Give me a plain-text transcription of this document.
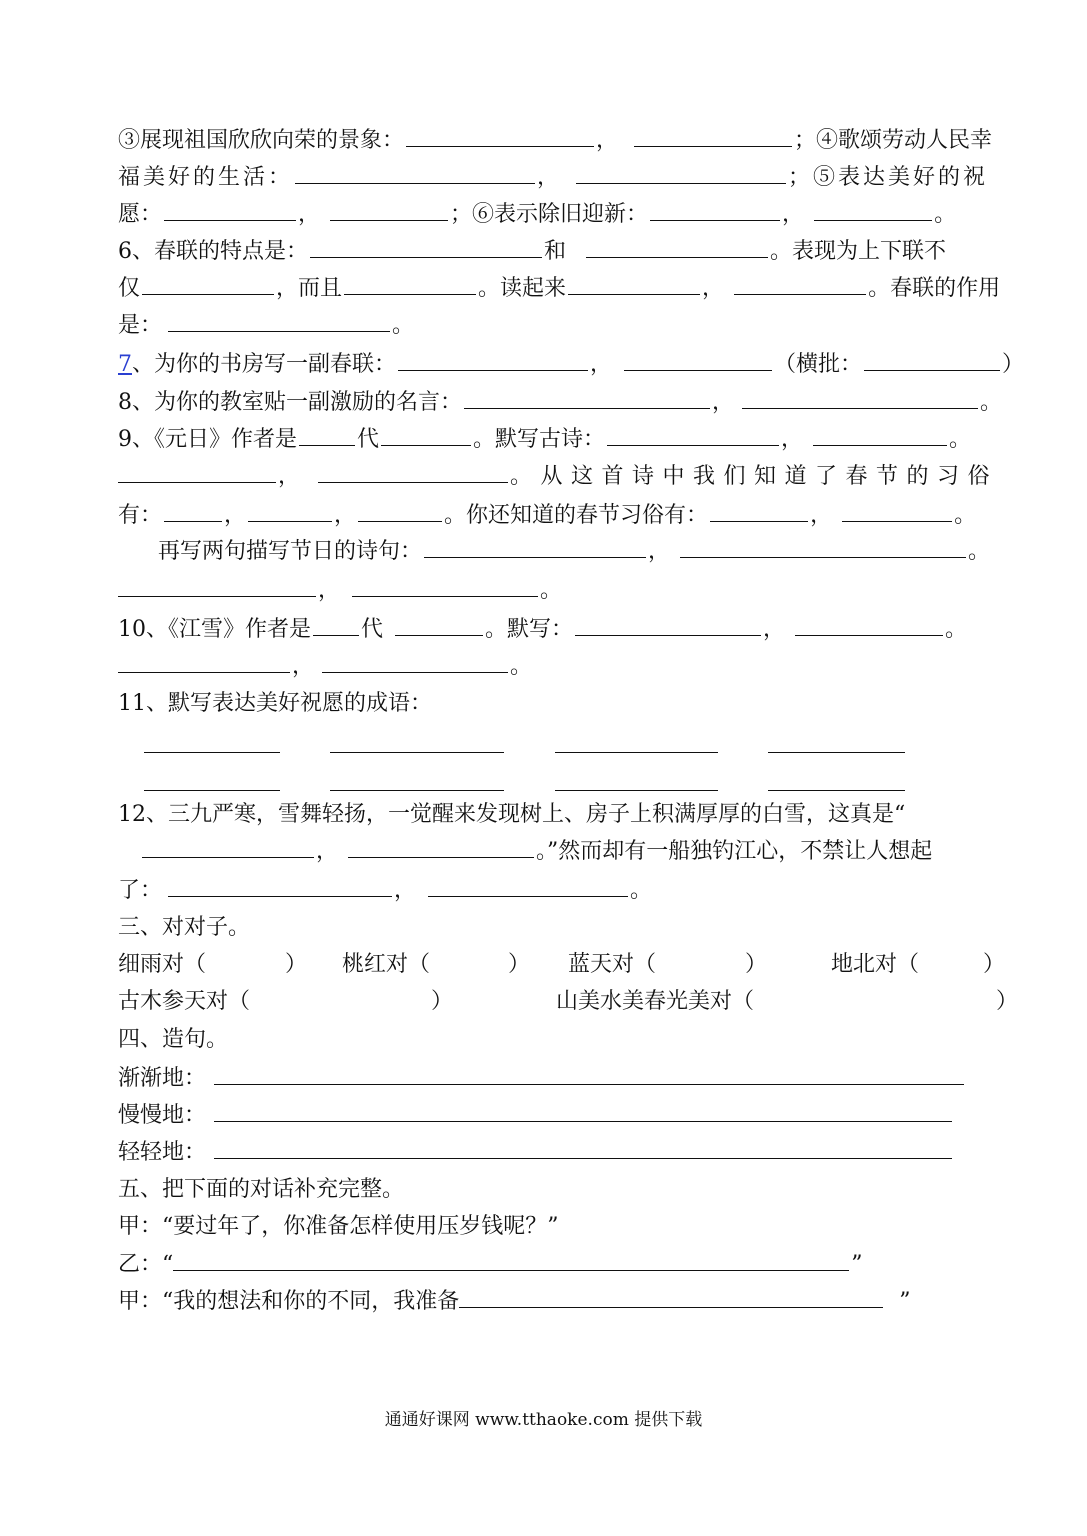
③展现祖国欣欣向荣的景象：	，	；④歌颂劳动人民幸
福美好的生活：	，	；⑤表达美好的祝
愿：	，	；⑥表示除旧迎新：	，	。
6、春联的特点是：	和	。表现为上下联不
仅	，而且	。读起来	，	。春联的作用
是：	。
7、为你的书房写一副春联：	，	（横批：	）
8、为你的教室贴一副激励的名言：	，	。
9、《元日》作者是	代	。默写古诗：	，	。
，	。从这首诗中我们知道了春节的习俗
有：	，	，	。你还知道的春节习俗有：	，	。
再写两句描写节日的诗句：	，	。
，	。
10、《江雪》作者是 代	。默写：	，	。
，	。
11、默写表达美好祝愿的成语：
12、三九严寒，雪舞轻扬，一觉醒来发现树上、房子上积满厚厚的白雪，这真是“
，	。”然而却有一船独钓江心，不禁让人想起
了：	，	。
三、对对子。
细雨对（	） 桃红对（	） 蓝天对（	）	地北对（	）
古木参天对（	）	山美水美春光美对（	）
四、造句。
渐渐地：
慢慢地：
轻轻地：
五、把下面的对话补充完整。
甲：“要过年了，你准备怎样使用压岁钱呢？”
乙：“	”
甲：“我的想法和你的不同，我准备	”
通通好课网 www.tthaoke.com 提供下载
